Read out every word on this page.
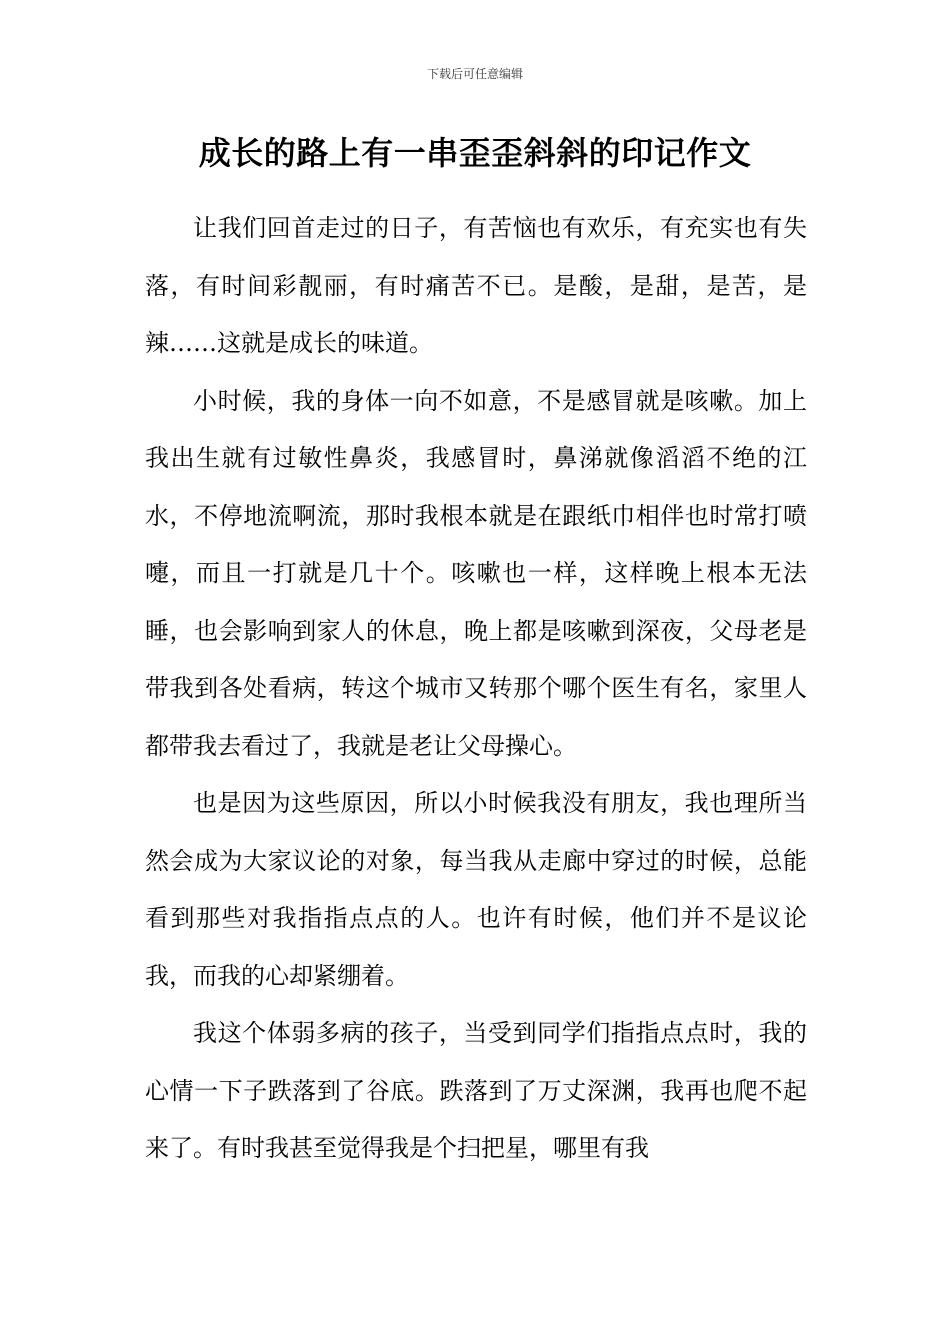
下载后可任意编辑
成长的路上有一串歪歪斜斜的印记作文

让我们回首走过的日子，有苦恼也有欢乐，有充实也有失落，有时间彩靓丽，有时痛苦不已。是酸，是甜，是苦，是辣……这就是成长的味道。

小时候，我的身体一向不如意，不是感冒就是咳嗽。加上我出生就有过敏性鼻炎，我感冒时，鼻涕就像滔滔不绝的江水，不停地流啊流，那时我根本就是在跟纸巾相伴也时常打喷嚏，而且一打就是几十个。咳嗽也一样，这样晚上根本无法睡，也会影响到家人的休息，晚上都是咳嗽到深夜，父母老是带我到各处看病，转这个城市又转那个哪个医生有名，家里人都带我去看过了，我就是老让父母操心。

也是因为这些原因，所以小时候我没有朋友，我也理所当然会成为大家议论的对象，每当我从走廊中穿过的时候，总能看到那些对我指指点点的人。也许有时候，他们并不是议论我，而我的心却紧绷着。

我这个体弱多病的孩子，当受到同学们指指点点时，我的心情一下子跌落到了谷底。跌落到了万丈深渊，我再也爬不起来了。有时我甚至觉得我是个扫把星，哪里有我
